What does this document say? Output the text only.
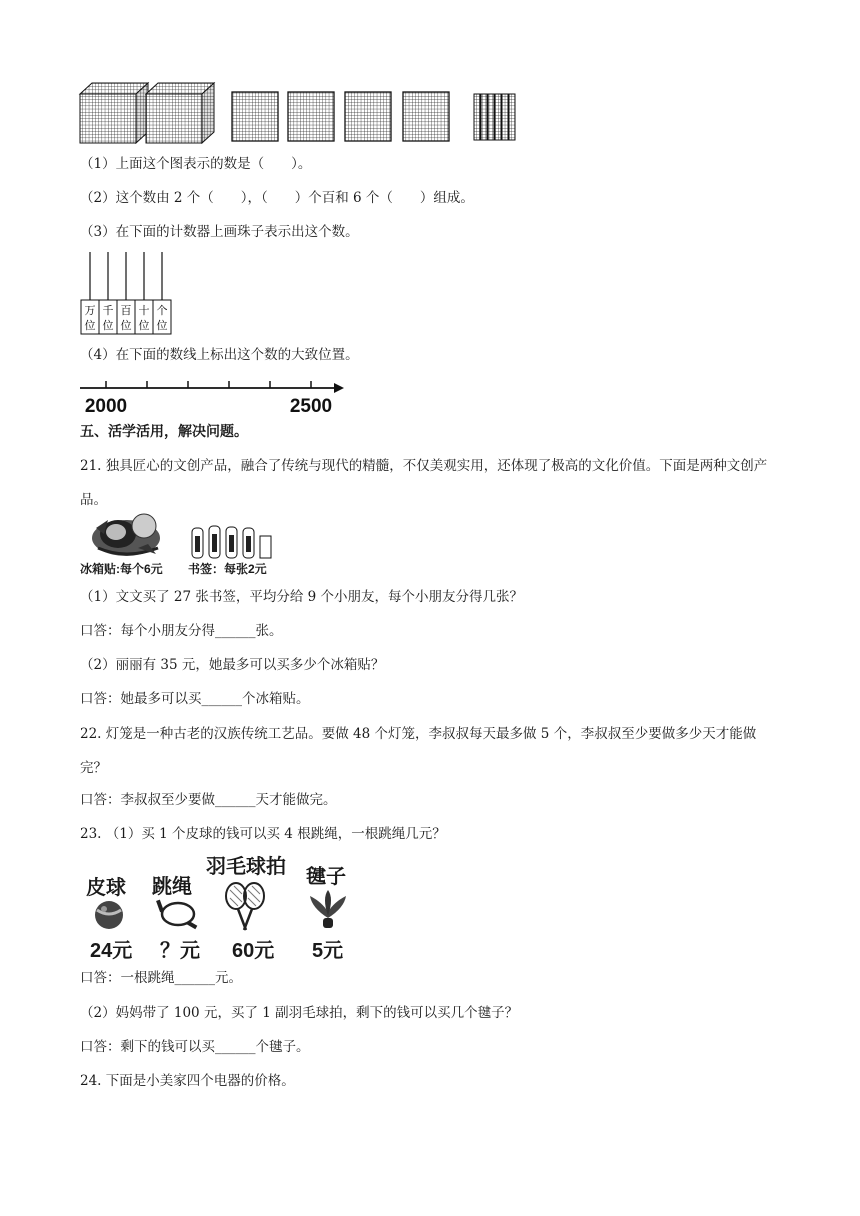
（1）上面这个图表示的数是（　　）。
（2）这个数由 2 个（　　），（　　）个百和 6 个（　　）组成。
（3）在下面的计数器上画珠子表示出这个数。
万
位
千
位
百
位
十
位
个
位
（4）在下面的数线上标出这个数的大致位置。
2000	2500
五、活学活用，解决问题。
21. 独具匠心的文创产品，融合了传统与现代的精髓，不仅美观实用，还体现了极高的文化价值。下面是两种文创产品。
冰箱贴:每个6元 书签：每张2元
（1）文文买了 27 张书签，平均分给 9 个小朋友，每个小朋友分得几张？
口答：每个小朋友分得______张。
（2）丽丽有 35 元，她最多可以买多少个冰箱贴？
口答：她最多可以买______个冰箱贴。
22. 灯笼是一种古老的汉族传统工艺品。要做 48 个灯笼，李叔叔每天最多做 5 个，李叔叔至少要做多少天才能做完？
口答：李叔叔至少要做______天才能做完。
23. （1）买 1 个皮球的钱可以买 4 根跳绳，一根跳绳几元？
皮球 跳绳
羽毛球拍 毽子
24元 ？元 60元 5元
口答：一根跳绳______元。
（2）妈妈带了 100 元，买了 1 副羽毛球拍，剩下的钱可以买几个毽子？
口答：剩下的钱可以买______个毽子。
24. 下面是小美家四个电器的价格。
